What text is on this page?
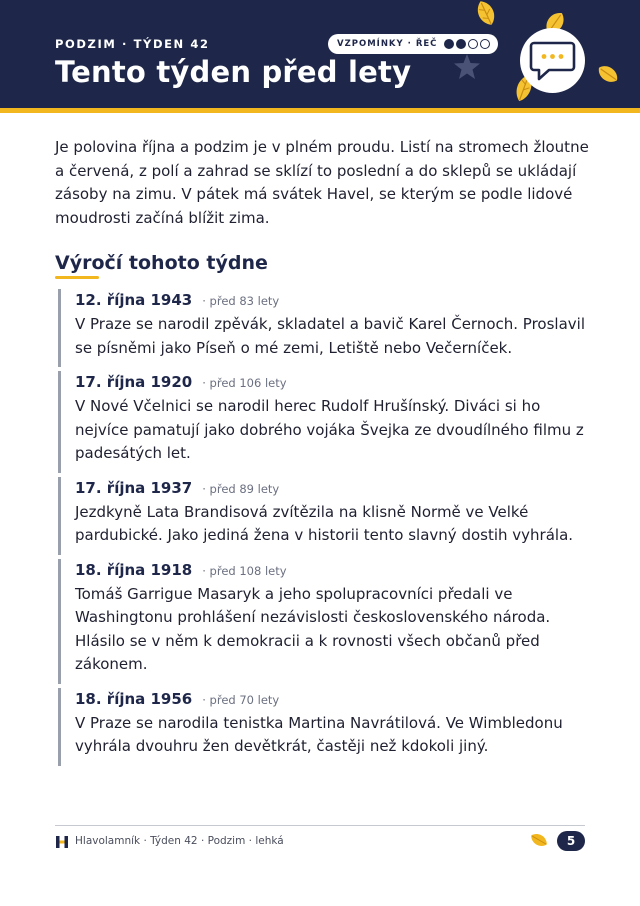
PODZIM · TÝDEN 42
Tento týden před lety
VZPOMÍNKY · ŘEČ

Je polovina října a podzim je v plném proudu. Listí na stromech žloutne a červená, z polí a zahrad se sklízí to poslední a do sklepů se ukládají zásoby na zimu. V pátek má svátek Havel, se kterým se podle lidové moudrosti začíná blížit zima.

Výročí tohoto týdne
12. října 1943 · před 83 lety
V Praze se narodil zpěvák, skladatel a bavič Karel Černoch. Proslavil se písněmi jako Píseň o mé zemi, Letiště nebo Večerníček.
17. října 1920 · před 106 lety
V Nové Včelnici se narodil herec Rudolf Hrušínský. Diváci si ho nejvíce pamatují jako dobrého vojáka Švejka ze dvoudílného filmu z padesátých let.
17. října 1937 · před 89 lety
Jezdkyně Lata Brandisová zvítězila na klisně Normě ve Velké pardubické. Jako jediná žena v historii tento slavný dostih vyhrála.
18. října 1918 · před 108 lety
Tomáš Garrigue Masaryk a jeho spolupracovníci předali ve Washingtonu prohlášení nezávislosti československého národa. Hlásilo se v něm k demokracii a k rovnosti všech občanů před zákonem.
18. října 1956 · před 70 lety
V Praze se narodila tenistka Martina Navrátilová. Ve Wimbledonu vyhrála dvouhru žen devětkrát, častěji než kdokoli jiný.
Hlavolamník · Týden 42 · Podzim · lehká	5
